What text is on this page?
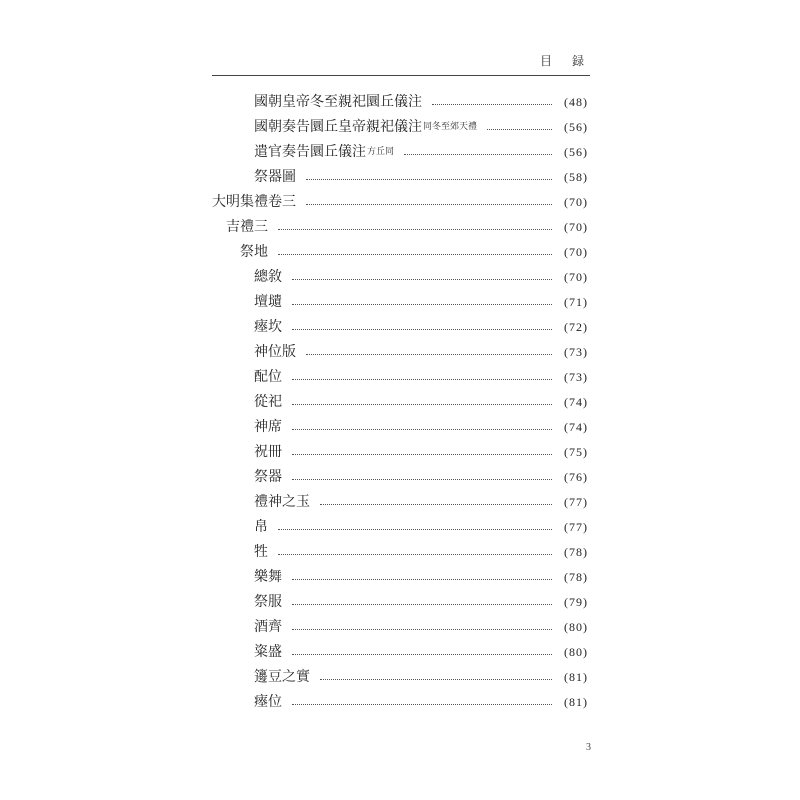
目　録
國朝皇帝冬至親祀圜丘儀注	(48)
國朝奏告圜丘皇帝親祀儀注 同冬至郊天禮	(56)
遣官奏告圜丘儀注 方丘同	(56)
祭器圖	(58)
大明集禮卷三	(70)
吉禮三	(70)
祭地	(70)
總敘	(70)
壇壝	(71)
瘞坎	(72)
神位版	(73)
配位	(73)
從祀	(74)
神席	(74)
祝冊	(75)
祭器	(76)
禮神之玉	(77)
帛	(77)
牲	(78)
樂舞	(78)
祭服	(79)
酒齊	(80)
粢盛	(80)
籩豆之實	(81)
瘞位	(81)
3
